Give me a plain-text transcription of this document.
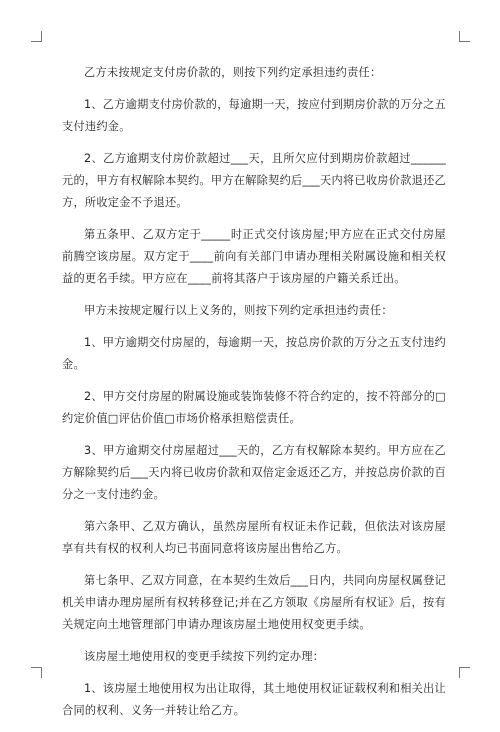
乙方未按规定支付房价款的，则按下列约定承担违约责任：

1、乙方逾期支付房价款的，每逾期一天，按应付到期房价款的万分之五支付违约金。

2、乙方逾期支付房价款超过___天，且所欠应付到期房价款超过______元的，甲方有权解除本契约。甲方在解除契约后___天内将已收房价款退还乙方，所收定金不予退还。

第五条甲、乙双方定于_____时正式交付该房屋;甲方应在正式交付房屋前腾空该房屋。双方定于____前向有关部门申请办理相关附属设施和相关权益的更名手续。甲方应在____前将其落户于该房屋的户籍关系迁出。

甲方未按规定履行以上义务的，则按下列约定承担违约责任：

1、甲方逾期交付房屋的，每逾期一天，按总房价款的万分之五支付违约金。

2、甲方交付房屋的附属设施或装饰装修不符合约定的，按不符部分的□约定价值□评估价值□市场价格承担赔偿责任。

3、甲方逾期交付房屋超过___天的，乙方有权解除本契约。甲方应在乙方解除契约后___天内将已收房价款和双倍定金返还乙方，并按总房价款的百分之一支付违约金。

第六条甲、乙双方确认，虽然房屋所有权证未作记载，但依法对该房屋享有共有权的权利人均已书面同意将该房屋出售给乙方。

第七条甲、乙双方同意，在本契约生效后___日内，共同向房屋权属登记机关申请办理房屋所有权转移登记;并在乙方领取《房屋所有权证》后，按有关规定向土地管理部门申请办理该房屋土地使用权变更手续。

该房屋土地使用权的变更手续按下列约定办理：

1、该房屋土地使用权为出让取得，其土地使用权证证载权利和相关出让合同的权利、义务一并转让给乙方。
